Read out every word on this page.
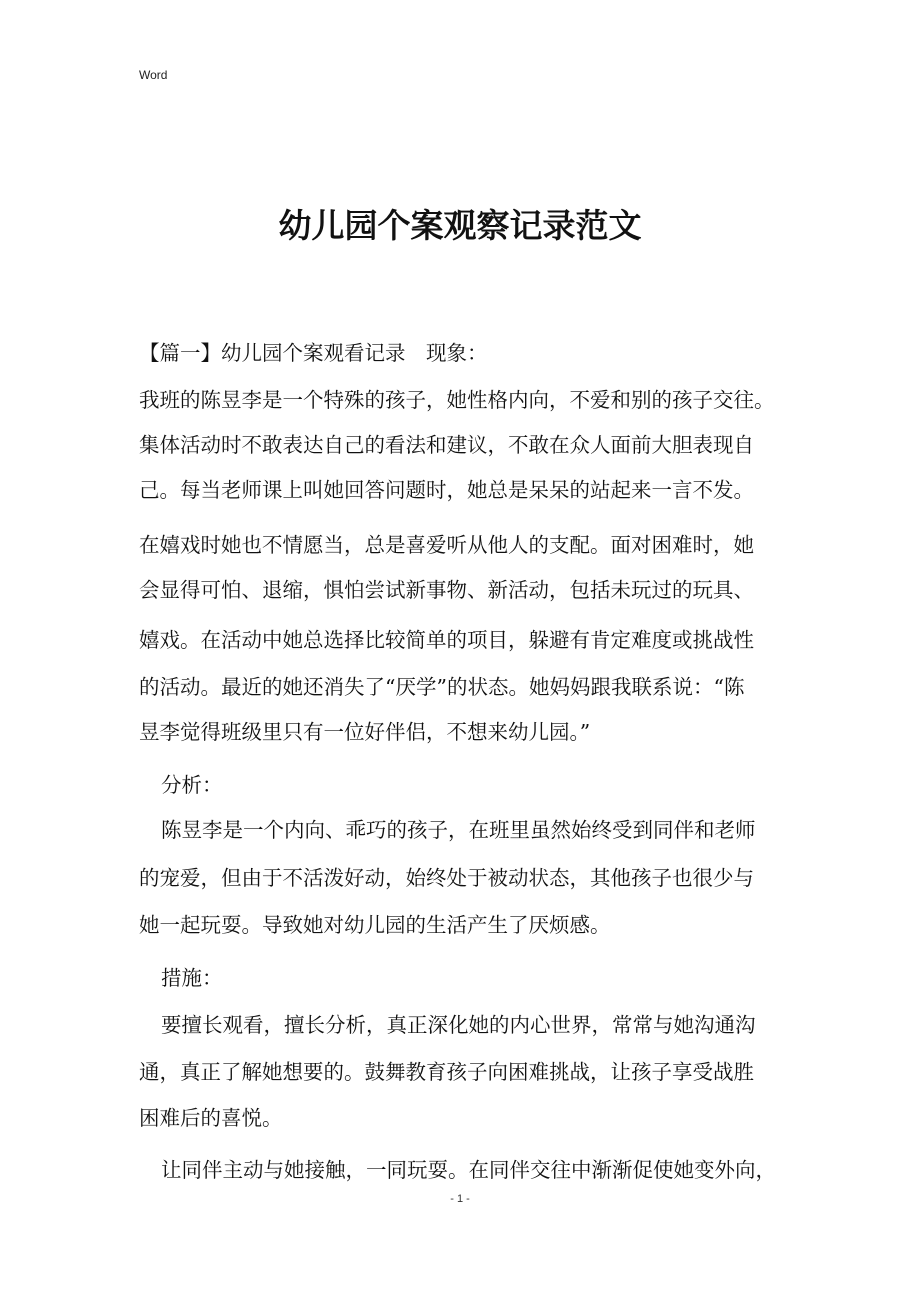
Word
幼儿园个案观察记录范文
【篇一】幼儿园个案观看记录　现象：
我班的陈昱李是一个特殊的孩子，她性格内向，不爱和别的孩子交往。
集体活动时不敢表达自己的看法和建议，不敢在众人面前大胆表现自
己。每当老师课上叫她回答问题时，她总是呆呆的站起来一言不发。
在嬉戏时她也不情愿当，总是喜爱听从他人的支配。面对困难时，她
会显得可怕、退缩，惧怕尝试新事物、新活动，包括未玩过的玩具、
嬉戏。在活动中她总选择比较简单的项目，躲避有肯定难度或挑战性
的活动。最近的她还消失了“厌学”的状态。她妈妈跟我联系说：“陈
昱李觉得班级里只有一位好伴侣，不想来幼儿园。”
分析：
陈昱李是一个内向、乖巧的孩子，在班里虽然始终受到同伴和老师
的宠爱，但由于不活泼好动，始终处于被动状态，其他孩子也很少与
她一起玩耍。导致她对幼儿园的生活产生了厌烦感。
措施：
要擅长观看，擅长分析，真正深化她的内心世界，常常与她沟通沟
通，真正了解她想要的。鼓舞教育孩子向困难挑战，让孩子享受战胜
困难后的喜悦。
让同伴主动与她接触，一同玩耍。在同伴交往中渐渐促使她变外向，
- 1 -
